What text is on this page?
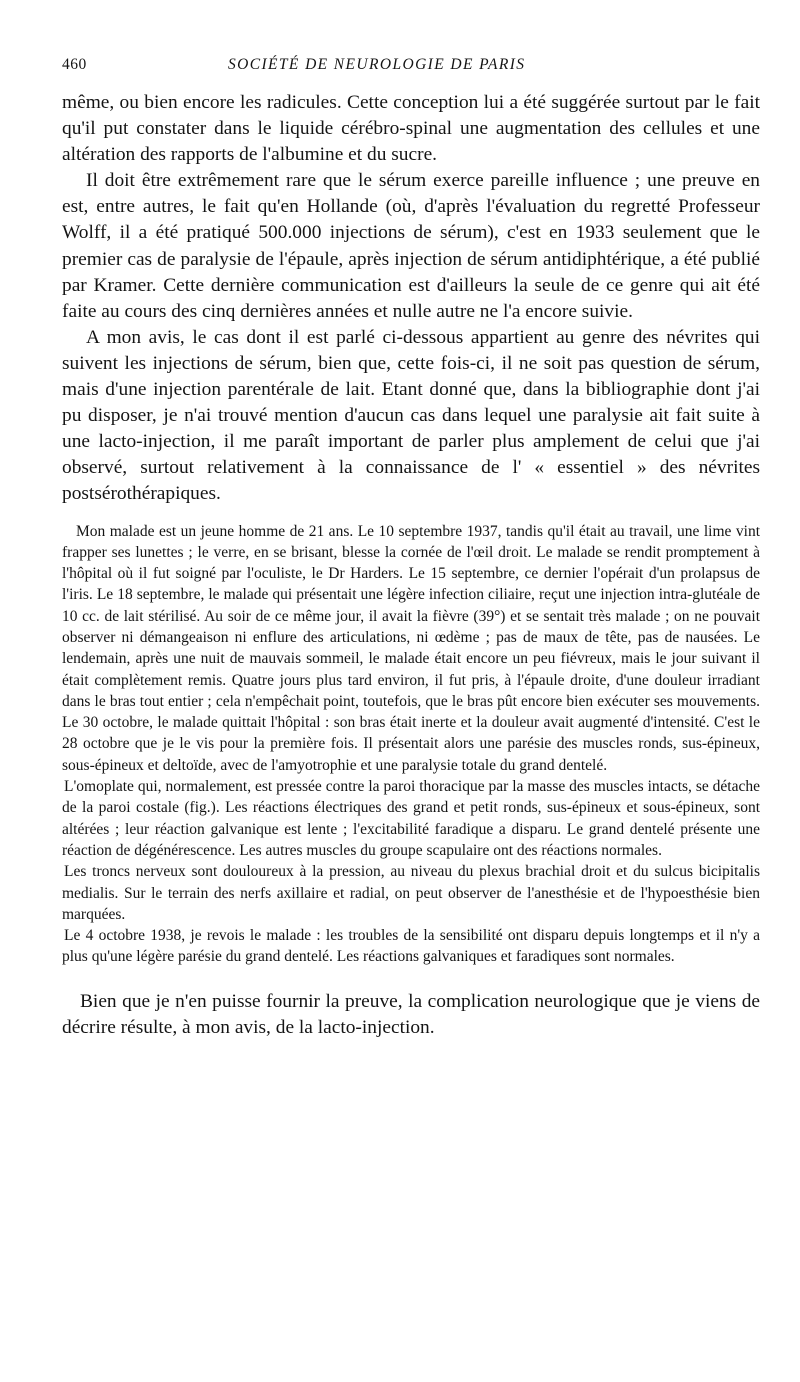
460	SOCIÉTÉ DE NEUROLOGIE DE PARIS

même, ou bien encore les radicules. Cette conception lui a été suggérée surtout par le fait qu'il put constater dans le liquide cérébro-spinal une augmentation des cellules et une altération des rapports de l'albumine et du sucre.

Il doit être extrêmement rare que le sérum exerce pareille influence ; une preuve en est, entre autres, le fait qu'en Hollande (où, d'après l'évaluation du regretté Professeur Wolff, il a été pratiqué 500.000 injections de sérum), c'est en 1933 seulement que le premier cas de paralysie de l'épaule, après injection de sérum antidiphtérique, a été publié par Kramer. Cette dernière communication est d'ailleurs la seule de ce genre qui ait été faite au cours des cinq dernières années et nulle autre ne l'a encore suivie.

A mon avis, le cas dont il est parlé ci-dessous appartient au genre des névrites qui suivent les injections de sérum, bien que, cette fois-ci, il ne soit pas question de sérum, mais d'une injection parentérale de lait. Etant donné que, dans la bibliographie dont j'ai pu disposer, je n'ai trouvé mention d'aucun cas dans lequel une paralysie ait fait suite à une lacto-injection, il me paraît important de parler plus amplement de celui que j'ai observé, surtout relativement à la connaissance de l' « essentiel » des névrites postsérothérapiques.

Mon malade est un jeune homme de 21 ans. Le 10 septembre 1937, tandis qu'il était au travail, une lime vint frapper ses lunettes ; le verre, en se brisant, blesse la cornée de l'œil droit. Le malade se rendit promptement à l'hôpital où il fut soigné par l'oculiste, le Dr Harders. Le 15 septembre, ce dernier l'opérait d'un prolapsus de l'iris. Le 18 septembre, le malade qui présentait une légère infection ciliaire, reçut une injection intra-glutéale de 10 cc. de lait stérilisé. Au soir de ce même jour, il avait la fièvre (39°) et se sentait très malade ; on ne pouvait observer ni démangeaison ni enflure des articulations, ni œdème ; pas de maux de tête, pas de nausées. Le lendemain, après une nuit de mauvais sommeil, le malade était encore un peu fiévreux, mais le jour suivant il était complètement remis. Quatre jours plus tard environ, il fut pris, à l'épaule droite, d'une douleur irradiant dans le bras tout entier ; cela n'empêchait point, toutefois, que le bras pût encore bien exécuter ses mouvements. Le 30 octobre, le malade quittait l'hôpital : son bras était inerte et la douleur avait augmenté d'intensité. C'est le 28 octobre que je le vis pour la première fois. Il présentait alors une parésie des muscles ronds, sus-épineux, sous-épineux et deltoïde, avec de l'amyotrophie et une paralysie totale du grand dentelé.

L'omoplate qui, normalement, est pressée contre la paroi thoracique par la masse des muscles intacts, se détache de la paroi costale (fig.). Les réactions électriques des grand et petit ronds, sus-épineux et sous-épineux, sont altérées ; leur réaction galvanique est lente ; l'excitabilité faradique a disparu. Le grand dentelé présente une réaction de dégénérescence. Les autres muscles du groupe scapulaire ont des réactions normales.

Les troncs nerveux sont douloureux à la pression, au niveau du plexus brachial droit et du sulcus bicipitalis medialis. Sur le terrain des nerfs axillaire et radial, on peut observer de l'anesthésie et de l'hypoesthésie bien marquées.

Le 4 octobre 1938, je revois le malade : les troubles de la sensibilité ont disparu depuis longtemps et il n'y a plus qu'une légère parésie du grand dentelé. Les réactions galvaniques et faradiques sont normales.

Bien que je n'en puisse fournir la preuve, la complication neurologique que je viens de décrire résulte, à mon avis, de la lacto-injection.
